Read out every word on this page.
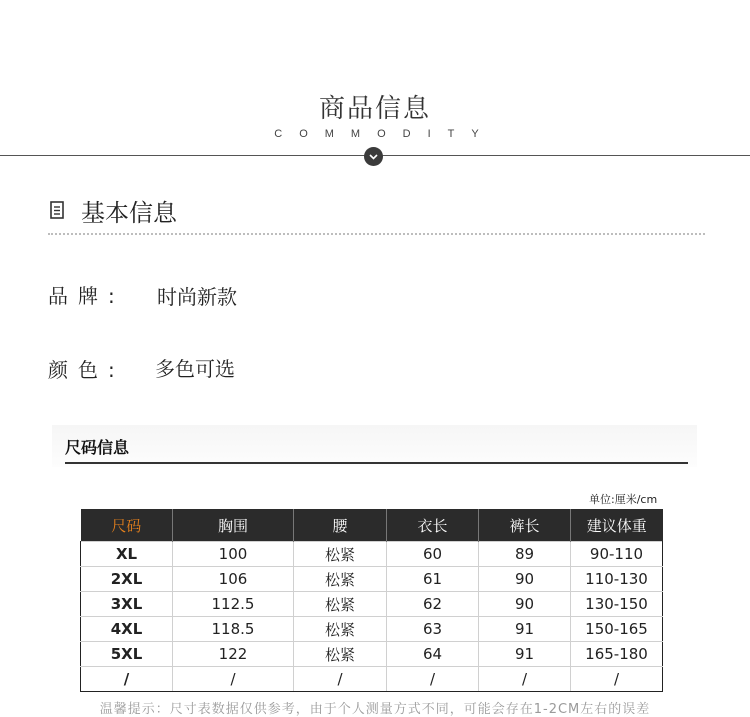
商品信息
COMMODITY
基本信息
品牌: 时尚新款
颜色: 多色可选
尺码信息
单位:厘米/cm
尺码	胸围	腰	衣长	裤长	建议体重
XL	100	松紧	60	89	90-110
2XL	106	松紧	61	90	110-130
3XL	112.5	松紧	62	90	130-150
4XL	118.5	松紧	63	91	150-165
5XL	122	松紧	64	91	165-180
/	/	/	/	/	/
温馨提示：尺寸表数据仅供参考，由于个人测量方式不同，可能会存在1-2CM左右的误差
